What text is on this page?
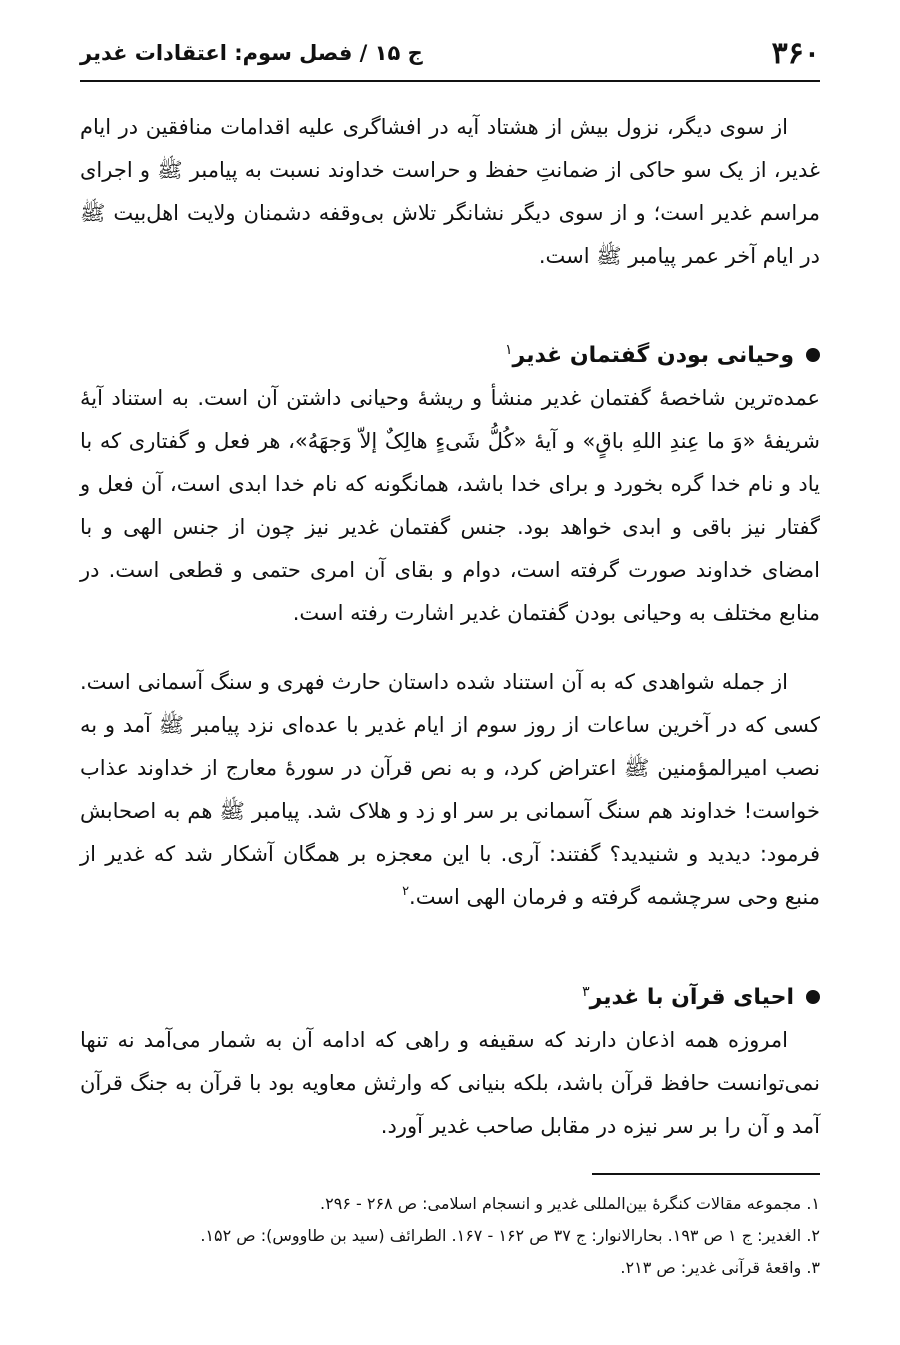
۳۶۰
ج ۱۵ / فصل سوم: اعتقادات غدیر

از سوی دیگر، نزول بیش از هشتاد آیه در افشاگری علیه اقدامات منافقین در ایام غدیر، از یک سو حاکی از ضمانتِ حفظ و حراست خداوند نسبت به پیامبر ﷺ و اجرای مراسم غدیر است؛ و از سوی دیگر نشانگر تلاش بی‌وقفه دشمنان ولایت اهل‌بیت ﷺ در ایام آخر عمر پیامبر ﷺ است.

وحیانی بودن گفتمان غدیر$^۱$

عمده‌ترین شاخصهٔ گفتمان غدیر منشأ و ریشهٔ وحیانی داشتن آن است. به استناد آیهٔ شریفهٔ «وَ ما عِندِ اللهِ باقٍ» و آیهٔ «کُلُّ شَیءٍ هالِکٌ إلاّ وَجهَهُ»، هر فعل و گفتاری که با یاد و نام خدا گره بخورد و برای خدا باشد، همانگونه که نام خدا ابدی است، آن فعل و گفتار نیز باقی و ابدی خواهد بود. جنس گفتمان غدیر نیز چون از جنس الهی و با امضای خداوند صورت گرفته است، دوام و بقای آن امری حتمی و قطعی است. در منابع مختلف به وحیانی بودن گفتمان غدیر اشارت رفته است.

از جمله شواهدی که به آن استناد شده داستان حارث فهری و سنگ آسمانی است. کسی که در آخرین ساعات از روز سوم از ایام غدیر با عده‌ای نزد پیامبر ﷺ آمد و به نصب امیرالمؤمنین ﷺ اعتراض کرد، و به نص قرآن در سورهٔ معارج از خداوند عذاب خواست! خداوند هم سنگ آسمانی بر سر او زد و هلاک شد. پیامبر ﷺ هم به اصحابش فرمود: دیدید و شنیدید؟ گفتند: آری. با این معجزه بر همگان آشکار شد که غدیر از منبع وحی سرچشمه گرفته و فرمان الهی است.$^۲$

احیای قرآن با غدیر$^۳$

امروزه همه اذعان دارند که سقیفه و راهی که ادامه آن به شمار می‌آمد نه تنها نمی‌توانست حافظ قرآن باشد، بلکه بنیانی که وارثش معاویه بود با قرآن به جنگ قرآن آمد و آن را بر سر نیزه در مقابل صاحب غدیر آورد.

۱. مجموعه مقالات کنگرهٔ بین‌المللی غدیر و انسجام اسلامی: ص ۲۶۸ - ۲۹۶.

۲. الغدیر: ج ۱ ص ۱۹۳. بحارالانوار: ج ۳۷ ص ۱۶۲ - ۱۶۷. الطرائف (سید بن طاووس): ص ۱۵۲.

۳. واقعهٔ قرآنی غدیر: ص ۲۱۳.
